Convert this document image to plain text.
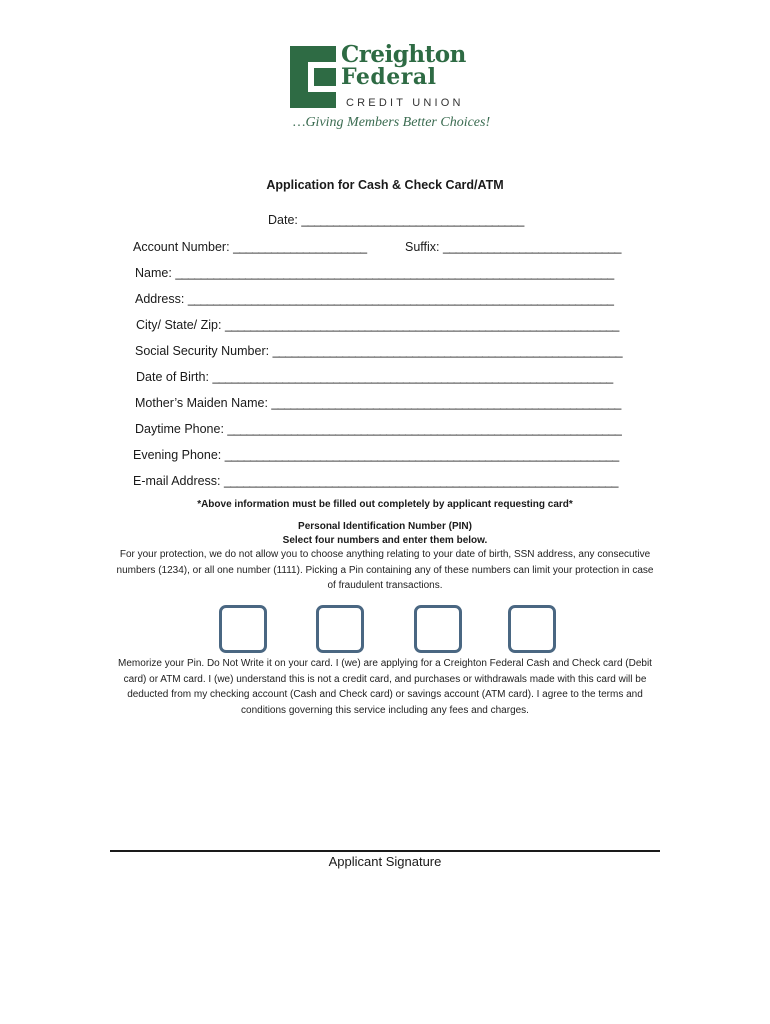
Creighton
Federal
CREDIT UNION
…Giving Members Better Choices!
Application for Cash & Check Card/ATM
Date: ___________________________________
Account Number: _____________________	Suffix: ____________________________
Name: _____________________________________________________________________
Address: ___________________________________________________________________
City/ State/ Zip: ______________________________________________________________
Social Security Number: _______________________________________________________
Date of Birth: _______________________________________________________________
Mother’s Maiden Name: _______________________________________________________
Daytime Phone: ______________________________________________________________
Evening Phone: ______________________________________________________________
E-mail Address: ______________________________________________________________
*Above information must be filled out completely by applicant requesting card*
Personal Identification Number (PIN)
Select four numbers and enter them below.
For your protection, we do not allow you to choose anything relating to your date of birth, SSN address, any consecutive numbers (1234), or all one number (1111). Picking a Pin containing any of these numbers can limit your protection in case of fraudulent transactions.
Memorize your Pin. Do Not Write it on your card. I (we) are applying for a Creighton Federal Cash and Check card (Debit card) or ATM card. I (we) understand this is not a credit card, and purchases or withdrawals made with this card will be deducted from my checking account (Cash and Check card) or savings account (ATM card). I agree to the terms and conditions governing this service including any fees and charges.
Applicant Signature
